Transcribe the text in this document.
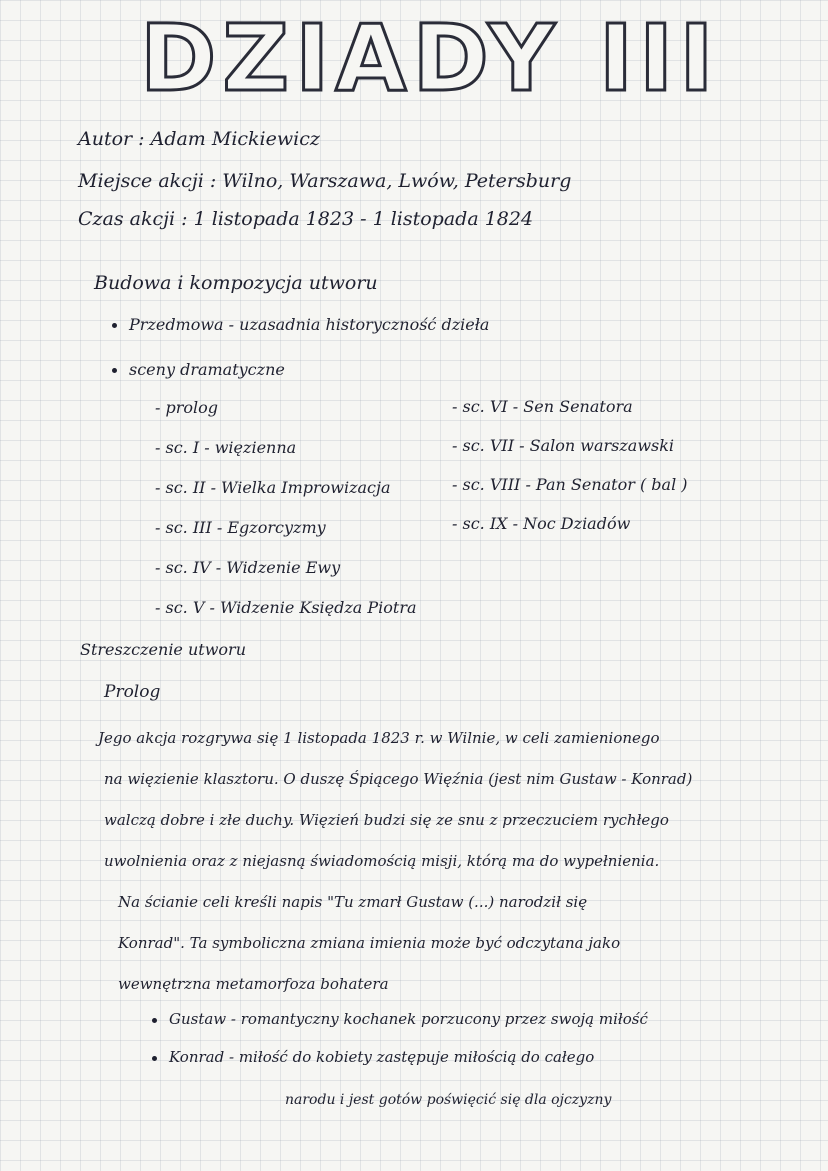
DZIADY III
Autor : Adam Mickiewicz
Miejsce akcji : Wilno, Warszawa, Lwów, Petersburg
Czas akcji : 1 listopada 1823 - 1 listopada 1824
Budowa i kompozycja utworu
Przedmowa - uzasadnia historyczność dzieła
sceny dramatyczne
- prolog
- sc. I - więzienna
- sc. II - Wielka Improwizacja
- sc. III - Egzorcyzmy
- sc. IV - Widzenie Ewy
- sc. V - Widzenie Księdza Piotra
- sc. VI - Sen Senatora
- sc. VII - Salon warszawski
- sc. VIII - Pan Senator ( bal )
- sc. IX - Noc Dziadów
Streszczenie utworu
Prolog

Jego akcja rozgrywa się 1 listopada 1823 r. w Wilnie, w celi zamienionego

na więzienie klasztoru. O duszę Śpiącego Więźnia (jest nim Gustaw - Konrad)

walczą dobre i złe duchy. Więzień budzi się ze snu z przeczuciem rychłego

uwolnienia oraz z niejasną świadomością misji, którą ma do wypełnienia.

Na ścianie celi kreśli napis "Tu zmarł Gustaw (...) narodził się

Konrad". Ta symboliczna zmiana imienia może być odczytana jako

wewnętrzna metamorfoza bohatera

Gustaw - romantyczny kochanek porzucony przez swoją miłość
Konrad - miłość do kobiety zastępuje miłością do całego
narodu i jest gotów poświęcić się dla ojczyzny
